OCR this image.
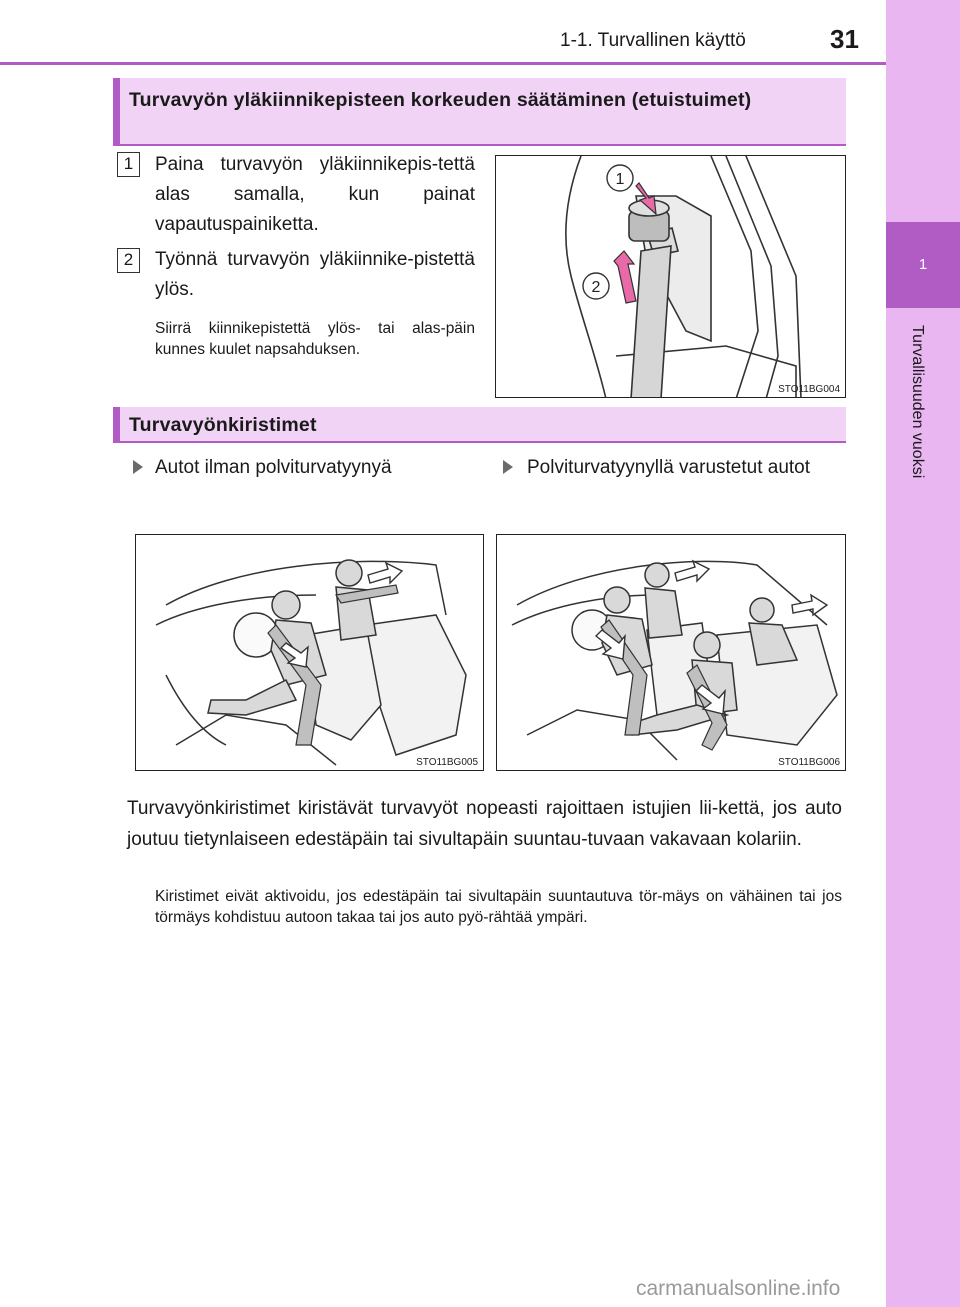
1-1. Turvallinen käyttö	31
1
Turvallisuuden vuoksi
Turvavyön yläkiinnikepisteen korkeuden säätäminen (etuistuimet)
1	Paina turvavyön yläkiinnikepis-tettä alas samalla, kun painat vapautuspainiketta.
2	Työnnä turvavyön yläkiinnike-pistettä ylös.
Siirrä kiinnikepistettä ylös- tai alas-päin kunnes kuulet napsahduksen.
1
2
STO11BG004
Turvavyönkiristimet
Autot ilman polviturvatyynyä	Polviturvatyynyllä varustetut autot
STO11BG005	STO11BG006
Turvavyönkiristimet kiristävät turvavyöt nopeasti rajoittaen istujien lii-kettä, jos auto joutuu tietynlaiseen edestäpäin tai sivultapäin suuntau-tuvaan vakavaan kolariin.
Kiristimet eivät aktivoidu, jos edestäpäin tai sivultapäin suuntautuva tör-mäys on vähäinen tai jos törmäys kohdistuu autoon takaa tai jos auto pyö-rähtää ympäri.
carmanualsonline.info
